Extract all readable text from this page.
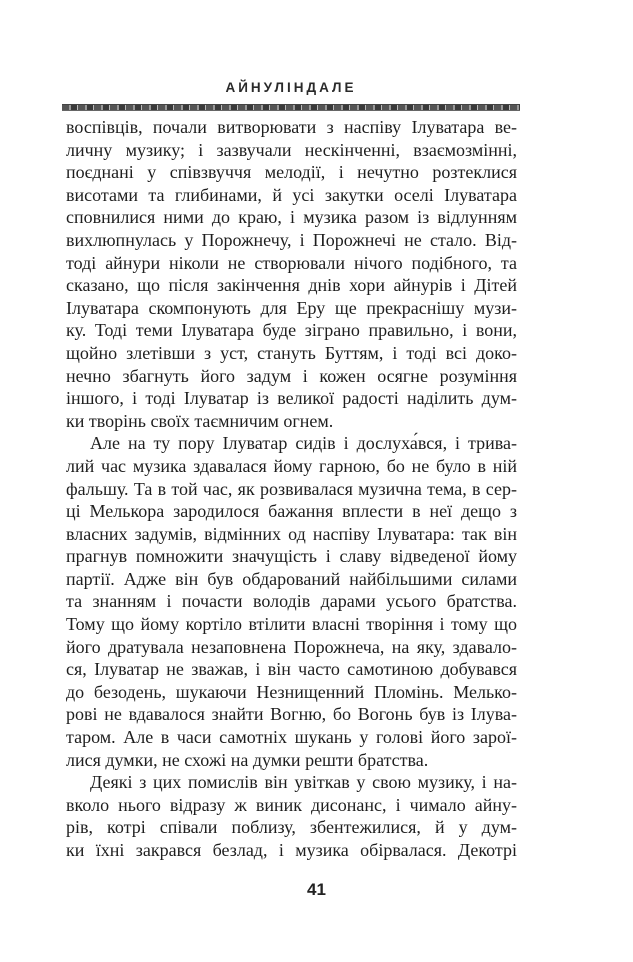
АЙНУЛІНДАЛЕ
воспівців, почали витворювати з наспіву Ілуватара ве-
личну музику; і зазвучали нескінченні, взаємозмінні,
поєднані у співзвуччя мелодії, і нечутно розтеклися
висотами та глибинами, й усі закутки оселі Ілуватара
сповнилися ними до краю, і музика разом із відлунням
вихлюпнулась у Порожнечу, і Порожнечі не стало. Від-
тоді айнури ніколи не створювали нічого подібного, та
сказано, що після закінчення днів хори айнурів і Дітей
Ілуватара скомпонують для Еру ще прекраснішу музи-
ку. Тоді теми Ілуватара буде зіграно правильно, і вони,
щойно злетівши з уст, стануть Буттям, і тоді всі доко-
нечно збагнуть його задум і кожен осягне розуміння
іншого, і тоді Ілуватар із великої радості наділить дум-
ки творінь своїх таємничим огнем.
Але на ту пору Ілуватар сидів і дослуха́вся, і трива-
лий час музика здавалася йому гарною, бо не було в ній
фальшу. Та в той час, як розвивалася музична тема, в сер-
ці Мелькора зародилося бажання вплести в неї дещо з
власних задумів, відмінних од наспіву Ілуватара: так він
прагнув помножити значущість і славу відведеної йому
партії. Адже він був обдарований найбільшими силами
та знанням і почасти володів дарами усього братства.
Тому що йому кортіло втілити власні творіння і тому що
його дратувала незаповнена Порожнеча, на яку, здавало-
ся, Ілуватар не зважав, і він часто самотиною добувався
до безодень, шукаючи Незнищенний Пломінь. Мелько-
рові не вдавалося знайти Вогню, бо Вогонь був із Ілува-
таром. Але в часи самотніх шукань у голові його зарої-
лися думки, не схожі на думки решти братства.
Деякі з цих помислів він увіткав у свою музику, і на-
вколо нього відразу ж виник дисонанс, і чимало айну-
рів, котрі співали поблизу, збентежилися, й у дум-
ки їхні закрався безлад, і музика обірвалася. Декотрі
41
